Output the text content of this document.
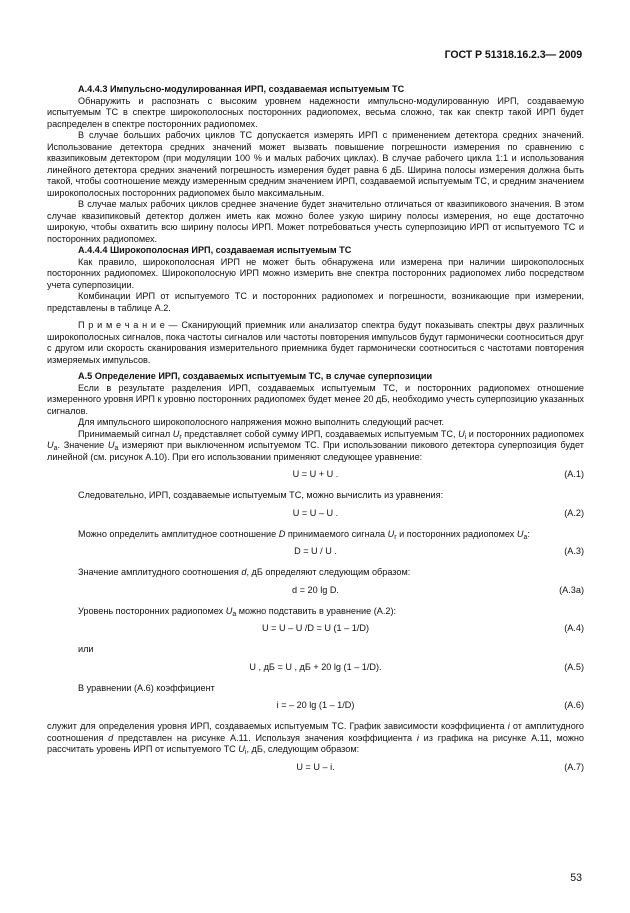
ГОСТ Р 51318.16.2.3— 2009
А.4.4.3 Импульсно-модулированная ИРП, создаваемая испытуемым ТС

Обнаружить и распознать с высоким уровнем надежности импульсно-модулированную ИРП, создаваемую испытуемым ТС в спектре широкополосных посторонних радиопомех, весьма сложно, так как спектр такой ИРП будет распределен в спектре посторонних радиопомех.

В случае больших рабочих циклов ТС допускается измерять ИРП с применением детектора средних значений. Использование детектора средних значений может вызвать повышение погрешности измерения по сравнению с квазипиковым детектором (при модуляции 100 % и малых рабочих циклах). В случае рабочего цикла 1:1 и использования линейного детектора средних значений погрешность измерения будет равна 6 дБ. Ширина полосы измерения должна быть такой, чтобы соотношение между измеренным средним значением ИРП, создаваемой испытуемым ТС, и средним значением широкополосных посторонних радиопомех было максимальным.

В случае малых рабочих циклов среднее значение будет значительно отличаться от квазипикового значения. В этом случае квазипиковый детектор должен иметь как можно более узкую ширину полосы измерения, но еще достаточно широкую, чтобы охватить всю ширину полосы ИРП. Может потребоваться учесть суперпозицию ИРП от испытуемого ТС и посторонних радиопомех.

А.4.4.4 Широкополосная ИРП, создаваемая испытуемым ТС

Как правило, широкополосная ИРП не может быть обнаружена или измерена при наличии широкополосных посторонних радиопомех. Широкополосную ИРП можно измерить вне спектра посторонних радиопомех либо посредством учета суперпозиции.

Комбинации ИРП от испытуемого ТС и посторонних радиопомех и погрешности, возникающие при измерении, представлены в таблице А.2.

П р и м е ч а н и е — Сканирующий приемник или анализатор спектра будут показывать спектры двух различных широкополосных сигналов, пока частоты сигналов или частоты повторения импульсов будут гармонически соотноситься друг с другом или скорость сканирования измерительного приемника будет гармонически соотноситься с частотами повторения измеряемых импульсов.

А.5 Определение ИРП, создаваемых испытуемым ТС, в случае суперпозиции

Если в результате разделения ИРП, создаваемых испытуемым ТС, и посторонних радиопомех отношение измеренного уровня ИРП к уровню посторонних радиопомех будет менее 20 дБ, необходимо учесть суперпозицию указанных сигналов.

Для импульсного широкополосного напряжения можно выполнить следующий расчет.

Принимаемый сигнал $U_r$ представляет собой сумму ИРП, создаваемых испытуемым ТС, $U_i$ и посторонних радиопомех $U_a$. Значение $U_a$ измеряют при выключенном испытуемом ТС. При использовании пикового детектора суперпозиция будет линейной (см. рисунок А.10). При его использовании применяют следующее уравнение:

U = U + U .	(А.1)

Следовательно, ИРП, создаваемые испытуемым ТС, можно вычислить из уравнения:

U = U – U .	(А.2)

Можно определить амплитудное соотношение D принимаемого сигнала $U_r$ и посторонних радиопомех $U_a$:

D = U / U .	(А.3)

Значение амплитудного соотношения d, дБ определяют следующим образом:

d = 20 lg D.	(А.3а)

Уровень посторонних радиопомех $U_a$ можно подставить в уравнение (А.2):

U = U – U /D = U (1 – 1/D)	(А.4)

или

U , дБ = U , дБ + 20 lg (1 – 1/D).	(А.5)

В уравнении (А.6) коэффициент

i = – 20 lg (1 – 1/D)	(А.6)

служит для определения уровня ИРП, создаваемых испытуемым ТС. График зависимости коэффициента i от амплитудного соотношения d представлен на рисунке А.11. Используя значения коэффициента i из графика на рисунке А.11, можно рассчитать уровень ИРП от испытуемого ТС $U_i$, дБ, следующим образом:

U = U – i.	(А.7)
53
